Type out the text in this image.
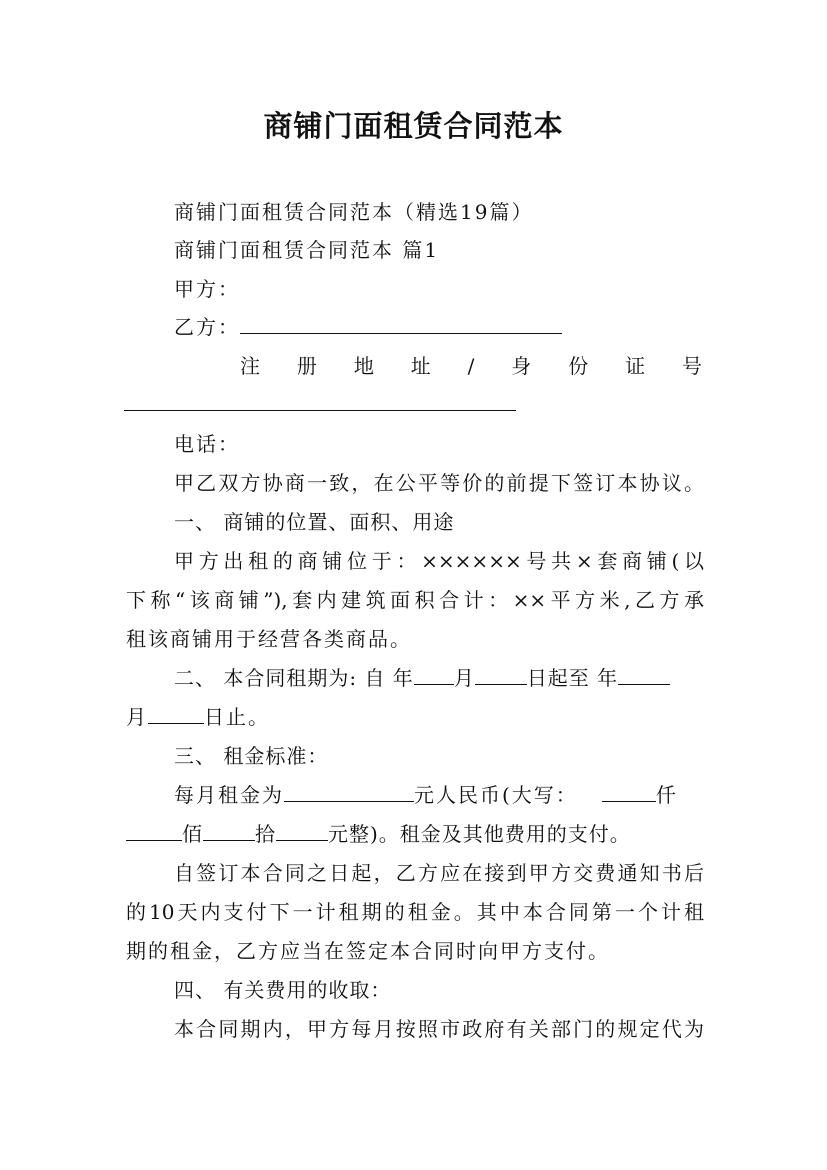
商铺门面租赁合同范本
商铺门面租赁合同范本（精选19篇）
商铺门面租赁合同范本 篇1
甲方：
乙方：
注 册 地 址 / 身 份 证 号
电话：
甲乙双方协商一致，在公平等价的前提下签订本协议。
一、 商铺的位置、面积、用途
甲方出租的商铺位于：××××××号共×套商铺(以
下称“该商铺”),套内建筑面积合计：××平方米,乙方承
租该商铺用于经营各类商品。
二、 本合同租期为: 自 年 月	日起至 年
月	日止。
三、 租金标准：
每月租金为	元人民币(大写：	仟
佰	拾	元整)。租金及其他费用的支付。
自签订本合同之日起，乙方应在接到甲方交费通知书后
的10天内支付下一计租期的租金。其中本合同第一个计租
期的租金，乙方应当在签定本合同时向甲方支付。
四、 有关费用的收取：
本合同期内，甲方每月按照市政府有关部门的规定代为
